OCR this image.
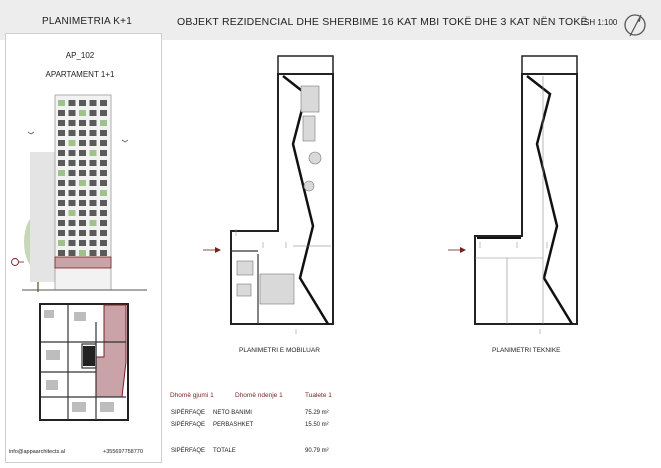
PLANIMETRIA K+1	OBJEKT REZIDENCIAL DHE SHERBIME 16 KAT MBI TOKË DHE 3 KAT NËN TOKË
SH 1:100
AP_102
APARTAMENT 1+1
info@appaarchitects.al	+355697758770
PLANIMETRI E MOBILUAR	PLANIMETRI TEKNIKE
Dhomë gjumi 1	Dhomë ndenje 1	Tualete 1
SIPËRFAQE NETO BANIMI	75.29 m²
SIPËRFAQE PERBASHKET	15.50 m²
SIPËRFAQE TOTALE	90.79 m²
